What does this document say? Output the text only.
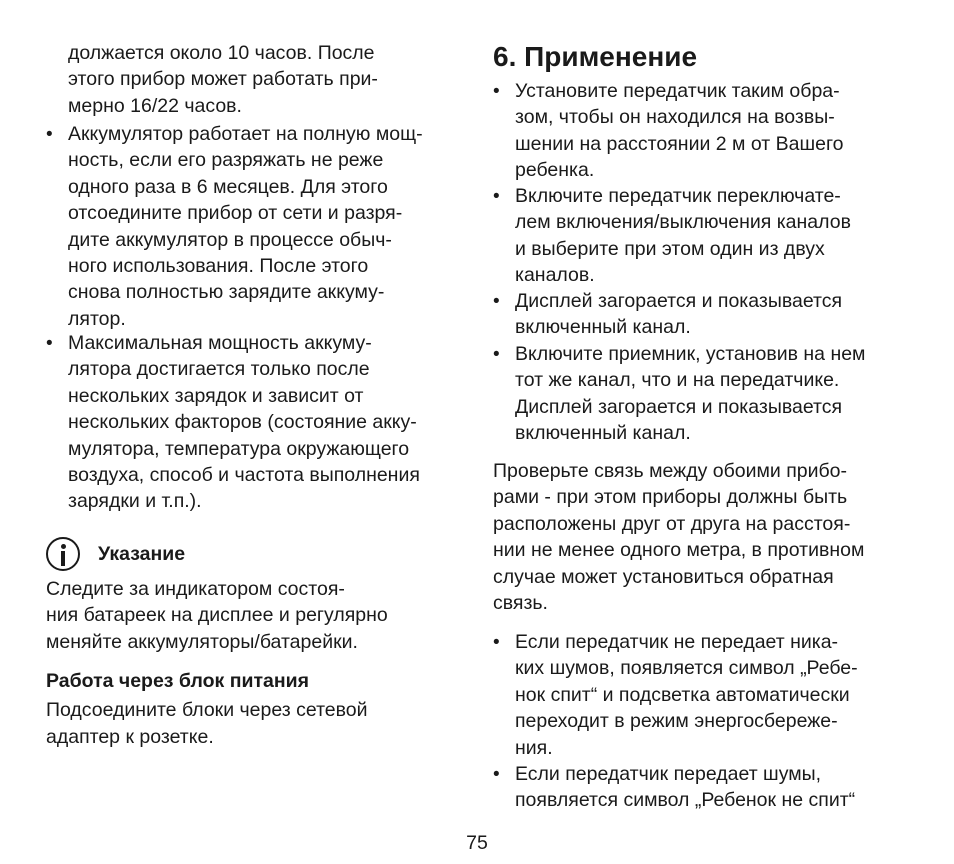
должается около 10 часов. После
этого прибор может работать при-
мерно 16/22 часов.
•
Аккумулятор работает на полную мощ-
ность, если его разряжать не реже
одного раза в 6 месяцев. Для этого
отсоедините прибор от сети и разря-
дите аккумулятор в процессе обыч-
ного использования. После этого
снова полностью зарядите аккуму-
лятор.
•
Максимальная мощность аккуму-
лятора достигается только после
нескольких зарядок и зависит от
нескольких факторов (состояние акку-
мулятора, температура окружающего
воздуха, способ и частота выполнения
зарядки и т.п.).
Следите за индикатором состоя-
ния батареек на дисплее и регулярно
меняйте аккумуляторы/батарейки.
Работа через блок питания
Подсоедините блоки через сетевой
адаптер к розетке.
Указание
6. Применение
•
Установите передатчик таким обра-
зом, чтобы он находился на возвы-
шении на расстоянии 2 м от Вашего
ребенка.
•
Включите передатчик переключате-
лем включения/выключения каналов
и выберите при этом один из двух
каналов.
•
Дисплей загорается и показывается
включенный канал.
•
Включите приемник, установив на нем
тот же канал, что и на передатчике.
Дисплей загорается и показывается
включенный канал.
Проверьте связь между обоими прибо-
рами - при этом приборы должны быть
расположены друг от друга на расстоя-
нии не менее одного метра, в противном
случае может установиться обратная
связь.
•
Если передатчик не передает ника-
ких шумов, появляется символ „Ребе-
нок спит“ и подсветка автоматически
переходит в режим энергосбереже-
ния.
•
Если передатчик передает шумы,
появляется символ „Ребенок не спит“
75
